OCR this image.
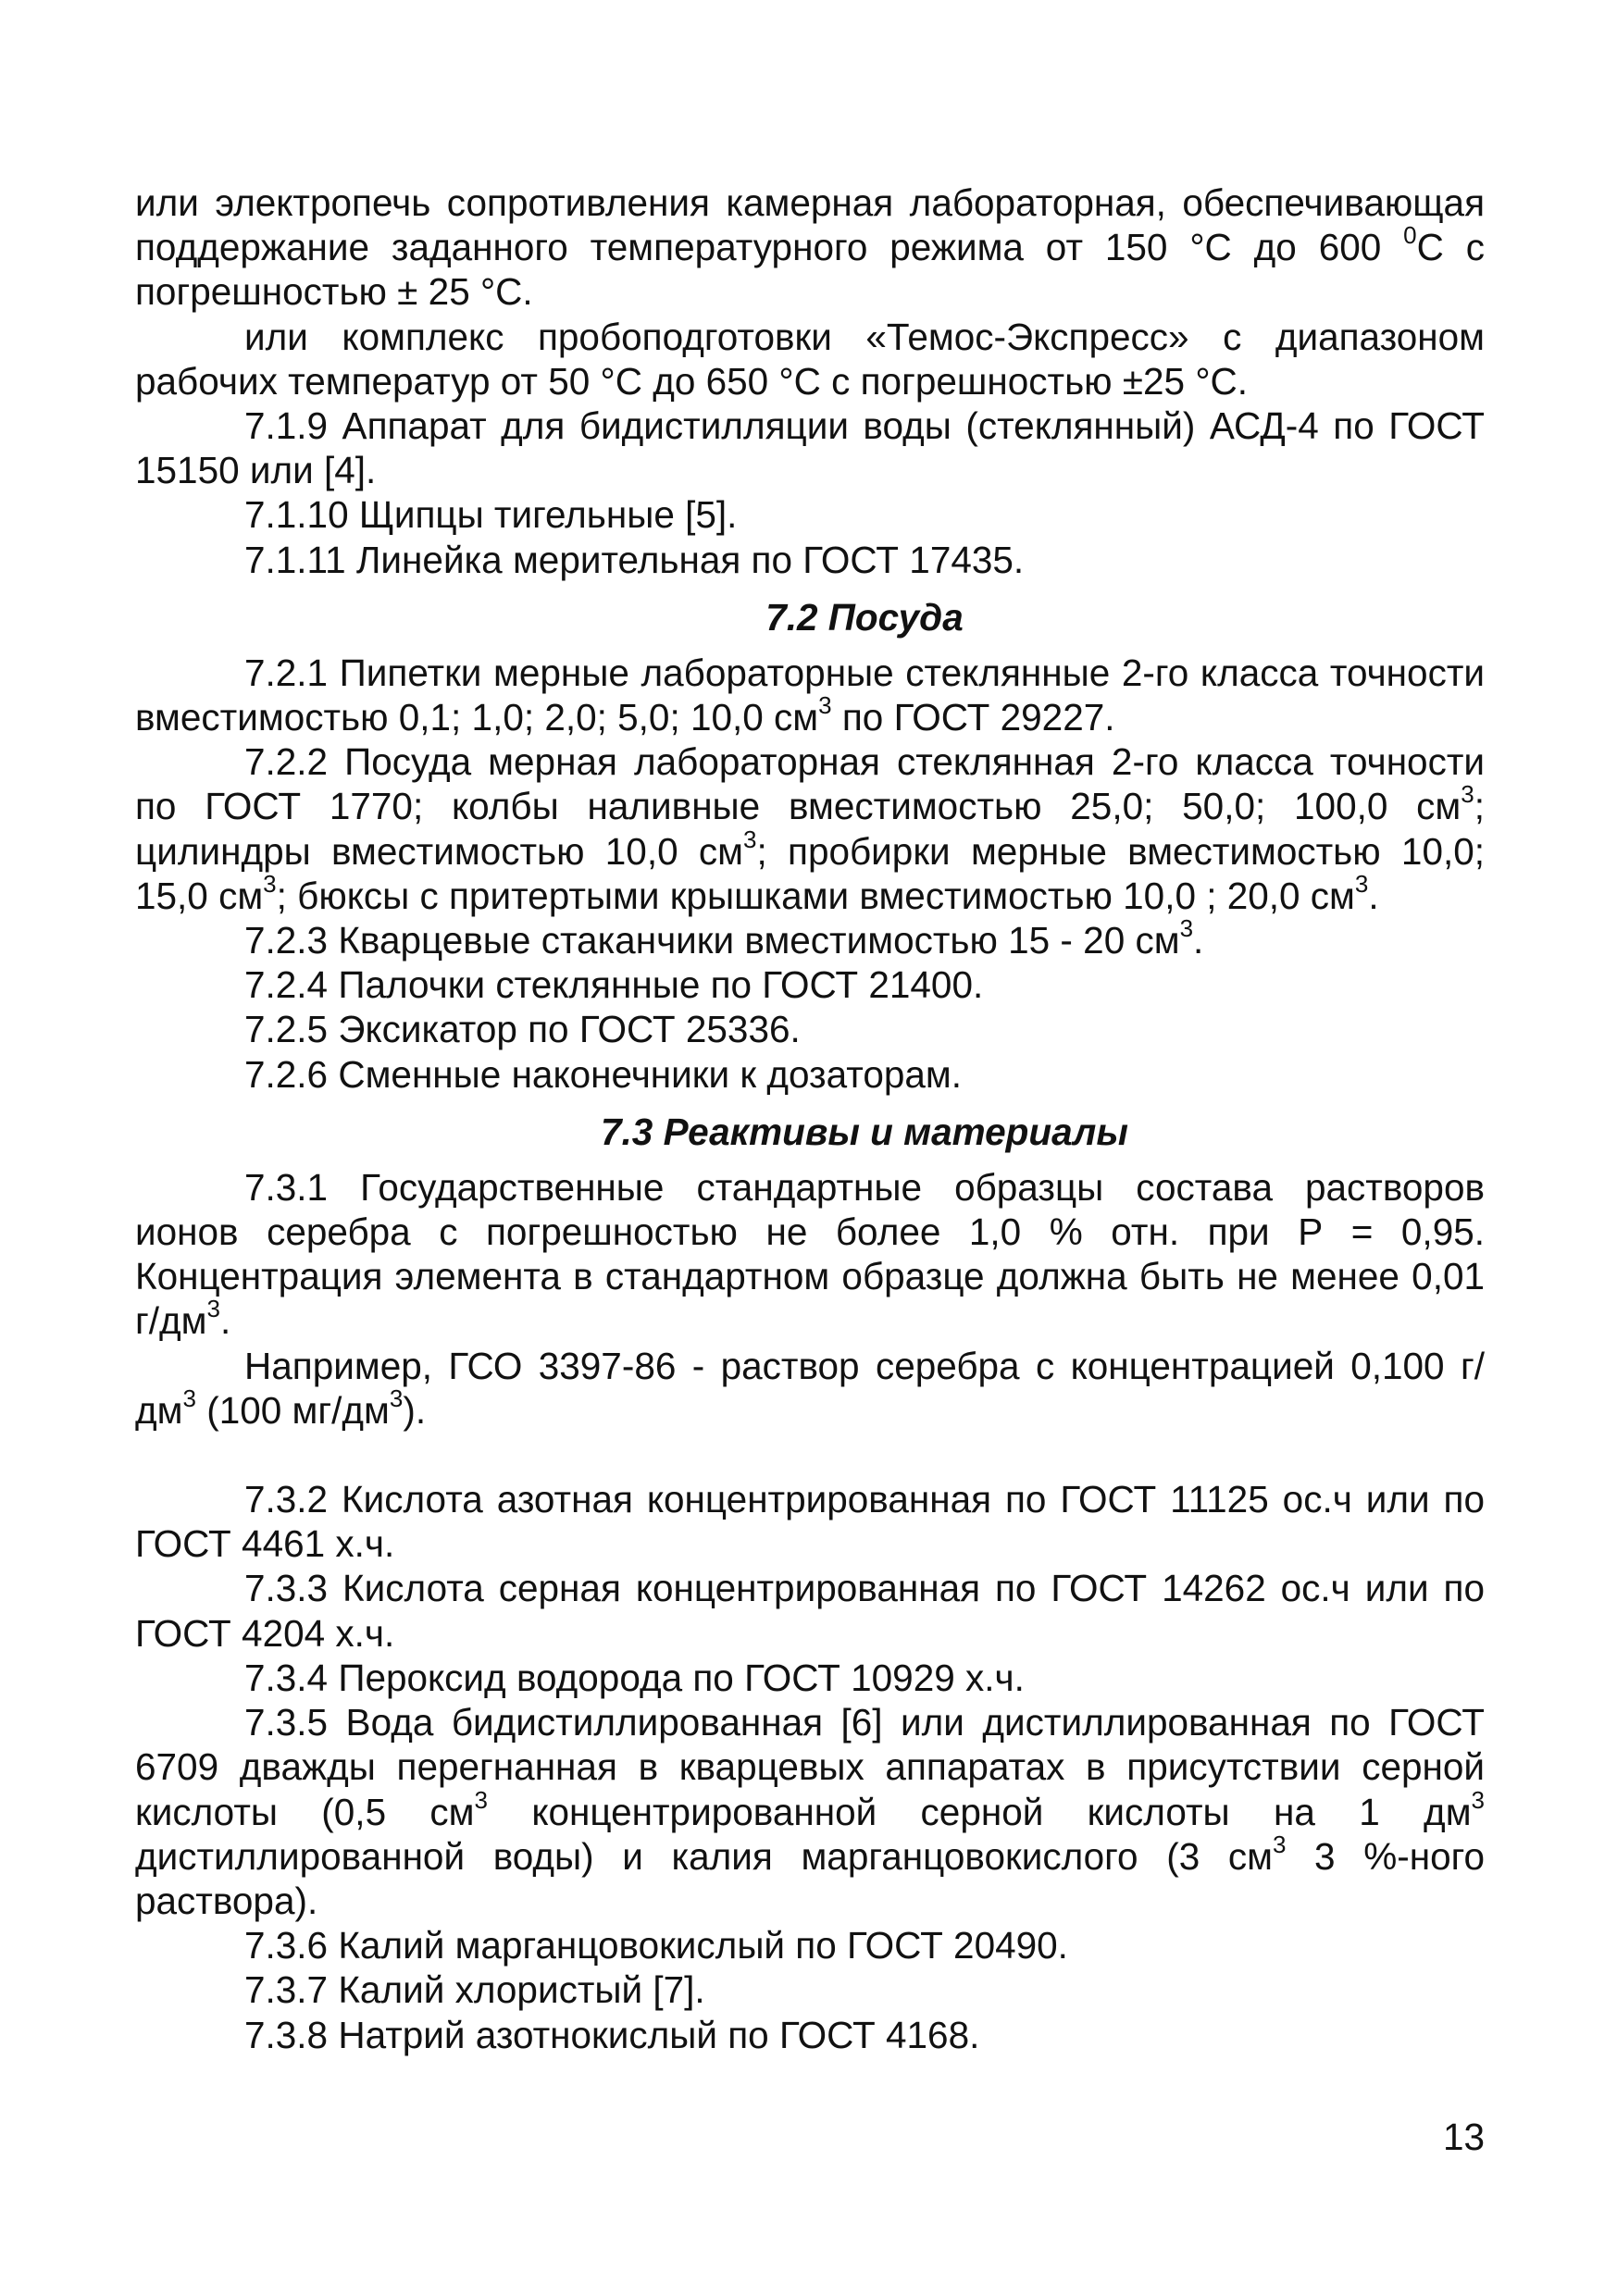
или электропечь сопротивления камерная лабораторная, обеспечивающая поддержание заданного температурного режима от 150 °С до 600 $^0$С с погрешностью ± 25 °С.

или комплекс пробоподготовки «Темос-Экспресс» с диапазоном рабочих температур от 50 °С до 650 °С с погрешностью ±25 °С.

7.1.9 Аппарат для бидистилляции воды (стеклянный) АСД-4 по ГОСТ 15150 или [4].

7.1.10 Щипцы тигельные [5].

7.1.11 Линейка мерительная по ГОСТ 17435.

7.2 Посуда

7.2.1 Пипетки мерные лабораторные стеклянные 2-го класса точности вместимостью 0,1; 1,0; 2,0; 5,0; 10,0 $см^3$ по ГОСТ 29227.

7.2.2 Посуда мерная лабораторная стеклянная 2-го класса точности по ГОСТ 1770; колбы наливные вместимостью 25,0; 50,0; 100,0 $см^3$; цилиндры вместимостью 10,0 $см^3$; пробирки мерные вместимостью 10,0; 15,0 $см^3$; бюксы с притертыми крышками вместимостью 10,0 ; 20,0 $см^3$.

7.2.3 Кварцевые стаканчики вместимостью 15 - 20 $см^3$.

7.2.4 Палочки стеклянные по ГОСТ 21400.

7.2.5 Эксикатор по ГОСТ 25336.

7.2.6 Сменные наконечники к дозаторам.

7.3 Реактивы и материалы

7.3.1 Государственные стандартные образцы состава растворов ионов серебра с погрешностью не более 1,0 % отн. при Р = 0,95. Концентрация элемента в стандартном образце должна быть не менее 0,01 $г/дм^3$.

Например, ГСО 3397-86 - раствор серебра с концентрацией 0,100 $г/дм^3$ (100 $мг/дм^3$).

7.3.2 Кислота азотная концентрированная по ГОСТ 11125 ос.ч или по ГОСТ 4461 х.ч.

7.3.3 Кислота серная концентрированная по ГОСТ 14262 ос.ч или по ГОСТ 4204 х.ч.

7.3.4 Пероксид водорода по ГОСТ 10929 х.ч.

7.3.5 Вода бидистиллированная [6] или дистиллированная по ГОСТ 6709 дважды перегнанная в кварцевых аппаратах в присутствии серной кислоты (0,5 $см^3$ концентрированной серной кислоты на 1 $дм^3$ дистиллированной воды) и калия марганцовокислого (3 $см^3$ 3 %-ного раствора).

7.3.6 Калий марганцовокислый по ГОСТ 20490.

7.3.7 Калий хлористый [7].

7.3.8 Натрий азотнокислый по ГОСТ 4168.

13
